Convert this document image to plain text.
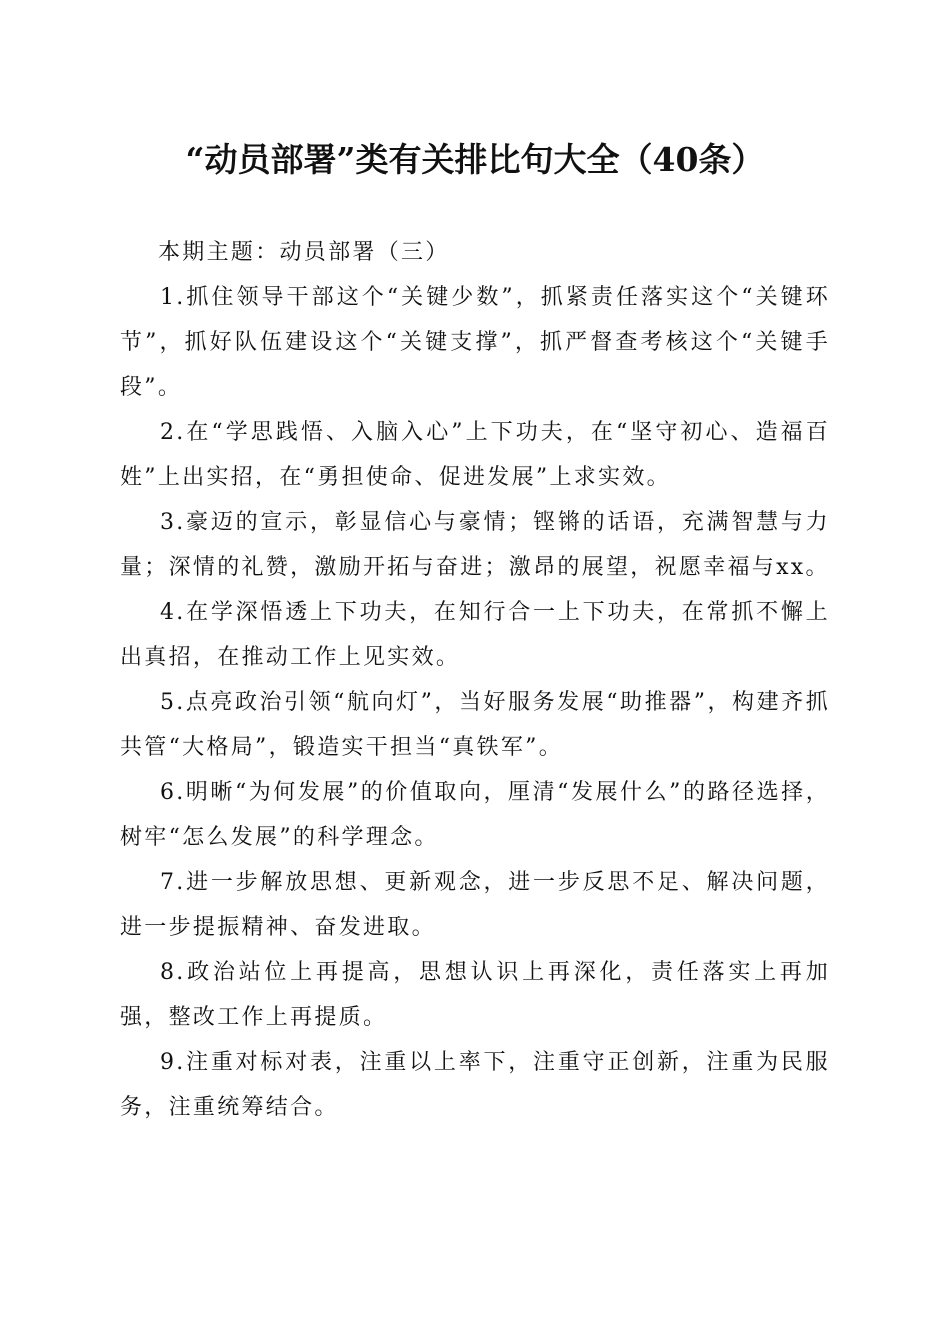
“动员部署”类有关排比句大全（40条）

本期主题：动员部署（三）

1.抓住领导干部这个“关键少数”，抓紧责任落实这个“关键环节”，抓好队伍建设这个“关键支撑”，抓严督查考核这个“关键手段”。

2.在“学思践悟、入脑入心”上下功夫，在“坚守初心、造福百姓”上出实招，在“勇担使命、促进发展”上求实效。

3.豪迈的宣示，彰显信心与豪情；铿锵的话语，充满智慧与力量；深情的礼赞，激励开拓与奋进；激昂的展望，祝愿幸福与xx。

4.在学深悟透上下功夫，在知行合一上下功夫，在常抓不懈上出真招，在推动工作上见实效。

5.点亮政治引领“航向灯”，当好服务发展“助推器”，构建齐抓共管“大格局”，锻造实干担当“真铁军”。

6.明晰“为何发展”的价值取向，厘清“发展什么”的路径选择，树牢“怎么发展”的科学理念。

7.进一步解放思想、更新观念，进一步反思不足、解决问题，进一步提振精神、奋发进取。

8.政治站位上再提高，思想认识上再深化，责任落实上再加强，整改工作上再提质。

9.注重对标对表，注重以上率下，注重守正创新，注重为民服务，注重统筹结合。
